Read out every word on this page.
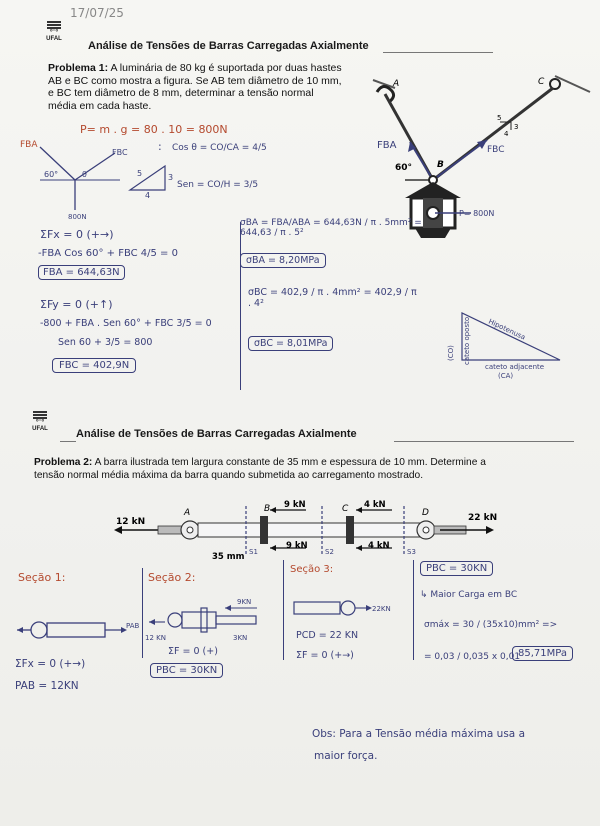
17/07/25
ᵒ⁻ᵒ
UFAL
Análise de Tensões de Barras Carregadas Axialmente
Problema 1: A luminária de 80 kg é suportada por duas hastes
AB e BC como mostra a figura. Se AB tem diâmetro de 10 mm,
e BC tem diâmetro de 8 mm, determinar a tensão normal
média em cada haste.
A	C
5
4
3
FBA	FBC
60°	B
P= 800N
P= m . g = 80 . 10 = 800N
FBA
FBC
60°	θ
800N
: Cos θ = CO/CA = 4/5
5	3
4
Sen = CO/H = 3/5
ΣFx = 0 (+→)
-FBA Cos 60° + FBC 4/5 = 0
FBA = 644,63N
ΣFy = 0 (+↑)
-800 + FBA . Sen 60° + FBC 3/5 = 0
Sen 60 + 3/5 = 800
FBC = 402,9N
σBA = FBA/ABA = 644,63N / π . 5mm² = 644,63 / π . 5²
σBA = 8,20MPa
σBC = 402,9 / π . 4mm² = 402,9 / π . 4²
σBC = 8,01MPa
(CO) cateto oposto Hipotenusa
cateto adjacente
(CA)
ᵒ⁻ᵒ
UFAL	Análise de Tensões de Barras Carregadas Axialmente
Problema 2: A barra ilustrada tem largura constante de 35 mm e espessura de 10 mm. Determine a
tensão normal média máxima da barra quando submetida ao carregamento mostrado.
12 kN
A	B	C	D	22 kN
9 kN
9 kN
4 kN
4 kN
35 mm S1	S2	S3
Seção 1:	Seção 2:
Seção 3:
PAB
ΣFx = 0 (+→)
PAB = 12KN
9KN
12 KN	3KN
ΣF = 0 (+)
PBC = 30KN
22KN
PCD = 22 KN
ΣF = 0 (+→)
PBC = 30KN
↳ Maior Carga em BC
σmáx = 30 / (35x10)mm² =>
= 0,03 / 0,035 x 0,01
85,71MPa
Obs: Para a Tensão média máxima usa a
maior força.
